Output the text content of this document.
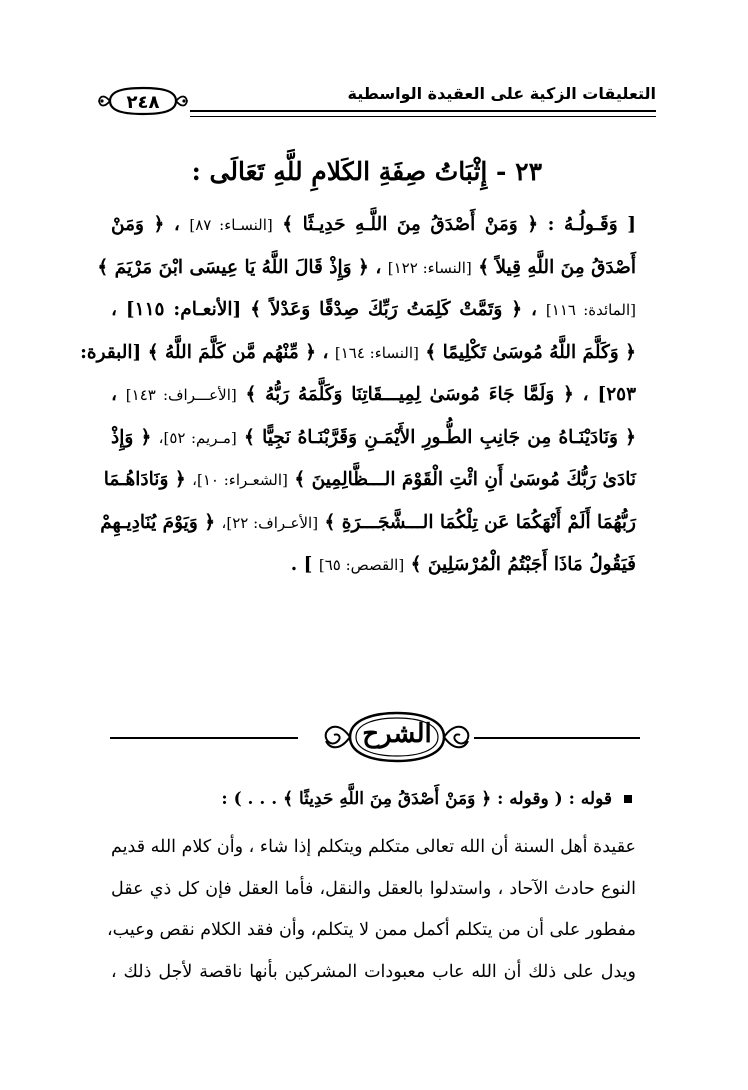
التعليقات الزكية على العقيدة الواسطية
٢٤٨
٢٣ - إِثْبَاتُ صِفَةِ الكَلامِ للَّهِ تَعَالَى :
[ وَقَـولُـهُ : ﴿ وَمَنْ أَصْدَقُ مِنَ اللَّـهِ حَدِيـثًا ﴾ [النسـاء: ٨٧] ، ﴿ وَمَنْ
أَصْدَقُ مِنَ اللَّهِ قِيلاً ﴾ [النساء: ١٢٢] ، ﴿ وَإِذْ قَالَ اللَّهُ يَا عِيسَى ابْنَ مَرْيَمَ ﴾
[المائدة: ١١٦] ، ﴿ وَتَمَّتْ كَلِمَتُ رَبِّكَ صِدْقًا وَعَدْلاً ﴾ [الأنعـام: ١١٥] ،
﴿ وَكَلَّمَ اللَّهُ مُوسَىٰ تَكْلِيمًا ﴾ [النساء: ١٦٤] ، ﴿ مِّنْهُم مَّن كَلَّمَ اللَّهُ ﴾ [البقرة:
٢٥٣] ، ﴿ وَلَمَّا جَاءَ مُوسَىٰ لِمِيـــقَاتِنَا وَكَلَّمَهُ رَبُّهُ ﴾ [الأعـــراف: ١٤٣] ،
﴿ وَنَادَيْنَـاهُ مِن جَانِبِ الطُّـورِ الأَيْمَـنِ وَقَرَّبْنَـاهُ نَجِيًّا ﴾ [مـريم: ٥٢]، ﴿ وَإِذْ
نَادَىٰ رَبُّكَ مُوسَىٰ أَنِ ائْتِ الْقَوْمَ الـــظَّالِمِينَ ﴾ [الشعـراء: ١٠]، ﴿ وَنَادَاهُـمَا
رَبُّهُمَا أَلَمْ أَنْهَكُمَا عَن تِلْكُمَا الـــشَّجَـــرَةِ ﴾ [الأعـراف: ٢٢]، ﴿ وَيَوْمَ يُنَادِيـهِمْ
فَيَقُولُ مَاذَا أَجَبْتُمُ الْمُرْسَلِينَ ﴾ [القصص: ٦٥] ] .
الشرح
قوله : ( وقوله : ﴿ وَمَنْ أَصْدَقُ مِنَ اللَّهِ حَدِيثًا ﴾ . . . ) :
عقيدة أهل السنة أن الله تعالى متكلم ويتكلم إذا شاء ، وأن كلام الله قديم
النوع حادث الآحاد ، واستدلوا بالعقل والنقل، فأما العقل فإن كل ذي عقل
مفطور على أن من يتكلم أكمل ممن لا يتكلم، وأن فقد الكلام نقص وعيب،
ويدل على ذلك أن الله عاب معبودات المشركين بأنها ناقصة لأجل ذلك ،
